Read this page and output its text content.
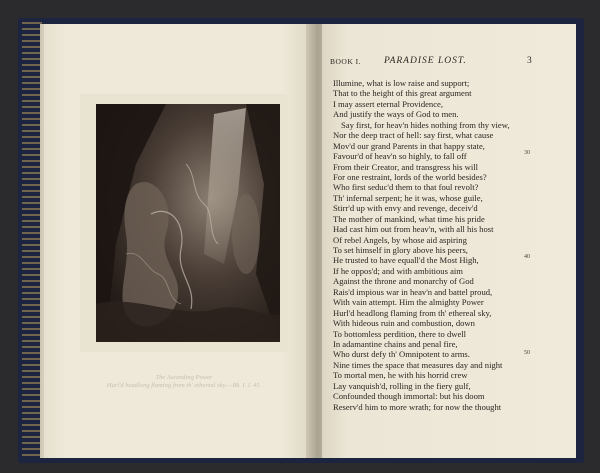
The Ascending Power
Hurl'd headlong flaming from th' ethereal sky.—Bk. I. l. 45.
BOOK I. PARADISE LOST.	3
Illumine, what is low raise and support;
That to the height of this great argument
I may assert eternal Providence,
And justify the ways of God to men.
Say first, for heav'n hides nothing from thy view,
Nor the deep tract of hell: say first, what cause
Mov'd our grand Parents in that happy state,
Favour'd of heav'n so highly, to fall off
From their Creator, and transgress his will
For one restraint, lords of the world besides?
Who first seduc'd them to that foul revolt?
Th' infernal serpent; he it was, whose guile,
Stirr'd up with envy and revenge, deceiv'd
The mother of mankind, what time his pride
Had cast him out from heav'n, with all his host
Of rebel Angels, by whose aid aspiring
To set himself in glory above his peers,
He trusted to have equall'd the Most High,
If he oppos'd; and with ambitious aim
Against the throne and monarchy of God
Rais'd impious war in heav'n and battel proud,
With vain attempt. Him the almighty Power
Hurl'd headlong flaming from th' ethereal sky,
With hideous ruin and combustion, down
To bottomless perdition, there to dwell
In adamantine chains and penal fire,
Who durst defy th' Omnipotent to arms.
Nine times the space that measures day and night
To mortal men, he with his horrid crew
Lay vanquish'd, rolling in the fiery gulf,
Confounded though immortal: but his doom
Reserv'd him to more wrath; for now the thought
30
40
50
